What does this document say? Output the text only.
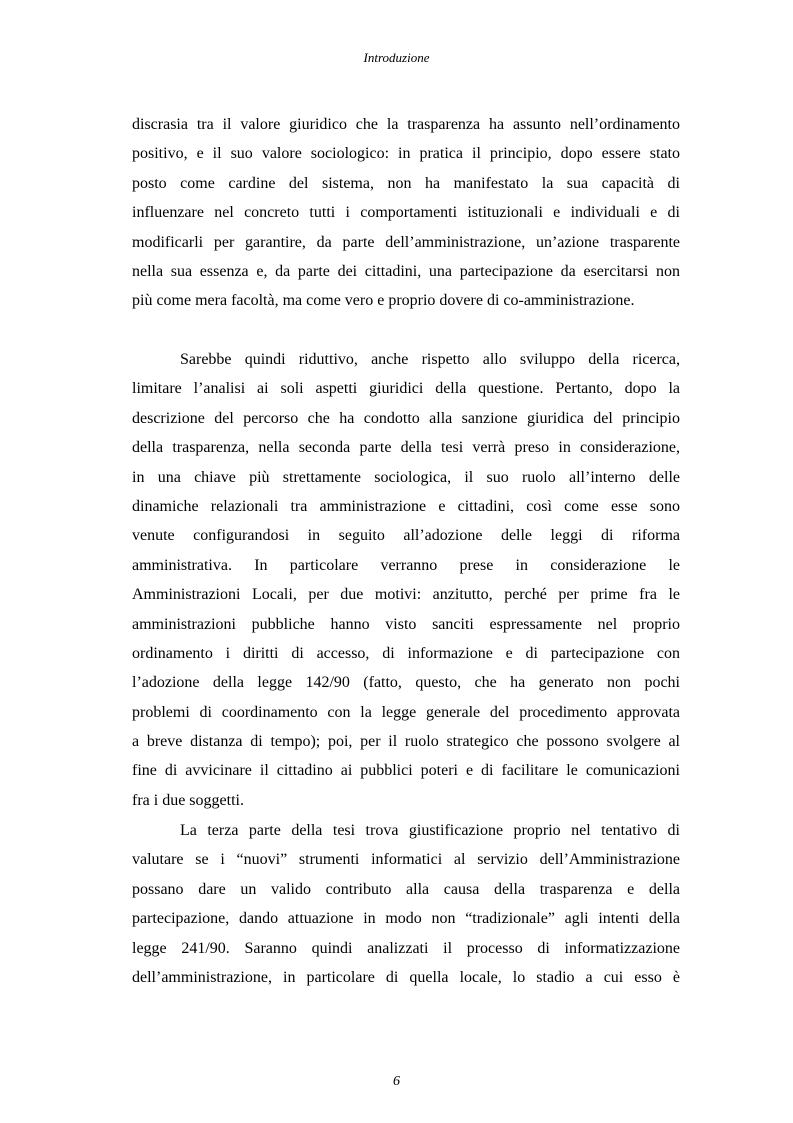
Introduzione
discrasia tra il valore giuridico che la trasparenza ha assunto nell’ordinamento
positivo, e il suo valore sociologico: in pratica il principio, dopo essere stato
posto come cardine del sistema, non ha manifestato la sua capacità di
influenzare nel concreto tutti i comportamenti istituzionali e individuali e di
modificarli per garantire, da parte dell’amministrazione, un’azione trasparente
nella sua essenza e, da parte dei cittadini, una partecipazione da esercitarsi non
più come mera facoltà, ma come vero e proprio dovere di co-amministrazione.
Sarebbe quindi riduttivo, anche rispetto allo sviluppo della ricerca,
limitare l’analisi ai soli aspetti giuridici della questione. Pertanto, dopo la
descrizione del percorso che ha condotto alla sanzione giuridica del principio
della trasparenza, nella seconda parte della tesi verrà preso in considerazione,
in una chiave più strettamente sociologica, il suo ruolo all’interno delle
dinamiche relazionali tra amministrazione e cittadini, così come esse sono
venute configurandosi in seguito all’adozione delle leggi di riforma
amministrativa. In particolare verranno prese in considerazione le
Amministrazioni Locali, per due motivi: anzitutto, perché per prime fra le
amministrazioni pubbliche hanno visto sanciti espressamente nel proprio
ordinamento i diritti di accesso, di informazione e di partecipazione con
l’adozione della legge 142/90 (fatto, questo, che ha generato non pochi
problemi di coordinamento con la legge generale del procedimento approvata
a breve distanza di tempo); poi, per il ruolo strategico che possono svolgere al
fine di avvicinare il cittadino ai pubblici poteri e di facilitare le comunicazioni
fra i due soggetti.
La terza parte della tesi trova giustificazione proprio nel tentativo di
valutare se i “nuovi” strumenti informatici al servizio dell’Amministrazione
possano dare un valido contributo alla causa della trasparenza e della
partecipazione, dando attuazione in modo non “tradizionale” agli intenti della
legge 241/90. Saranno quindi analizzati il processo di informatizzazione
dell’amministrazione, in particolare di quella locale, lo stadio a cui esso è
6
